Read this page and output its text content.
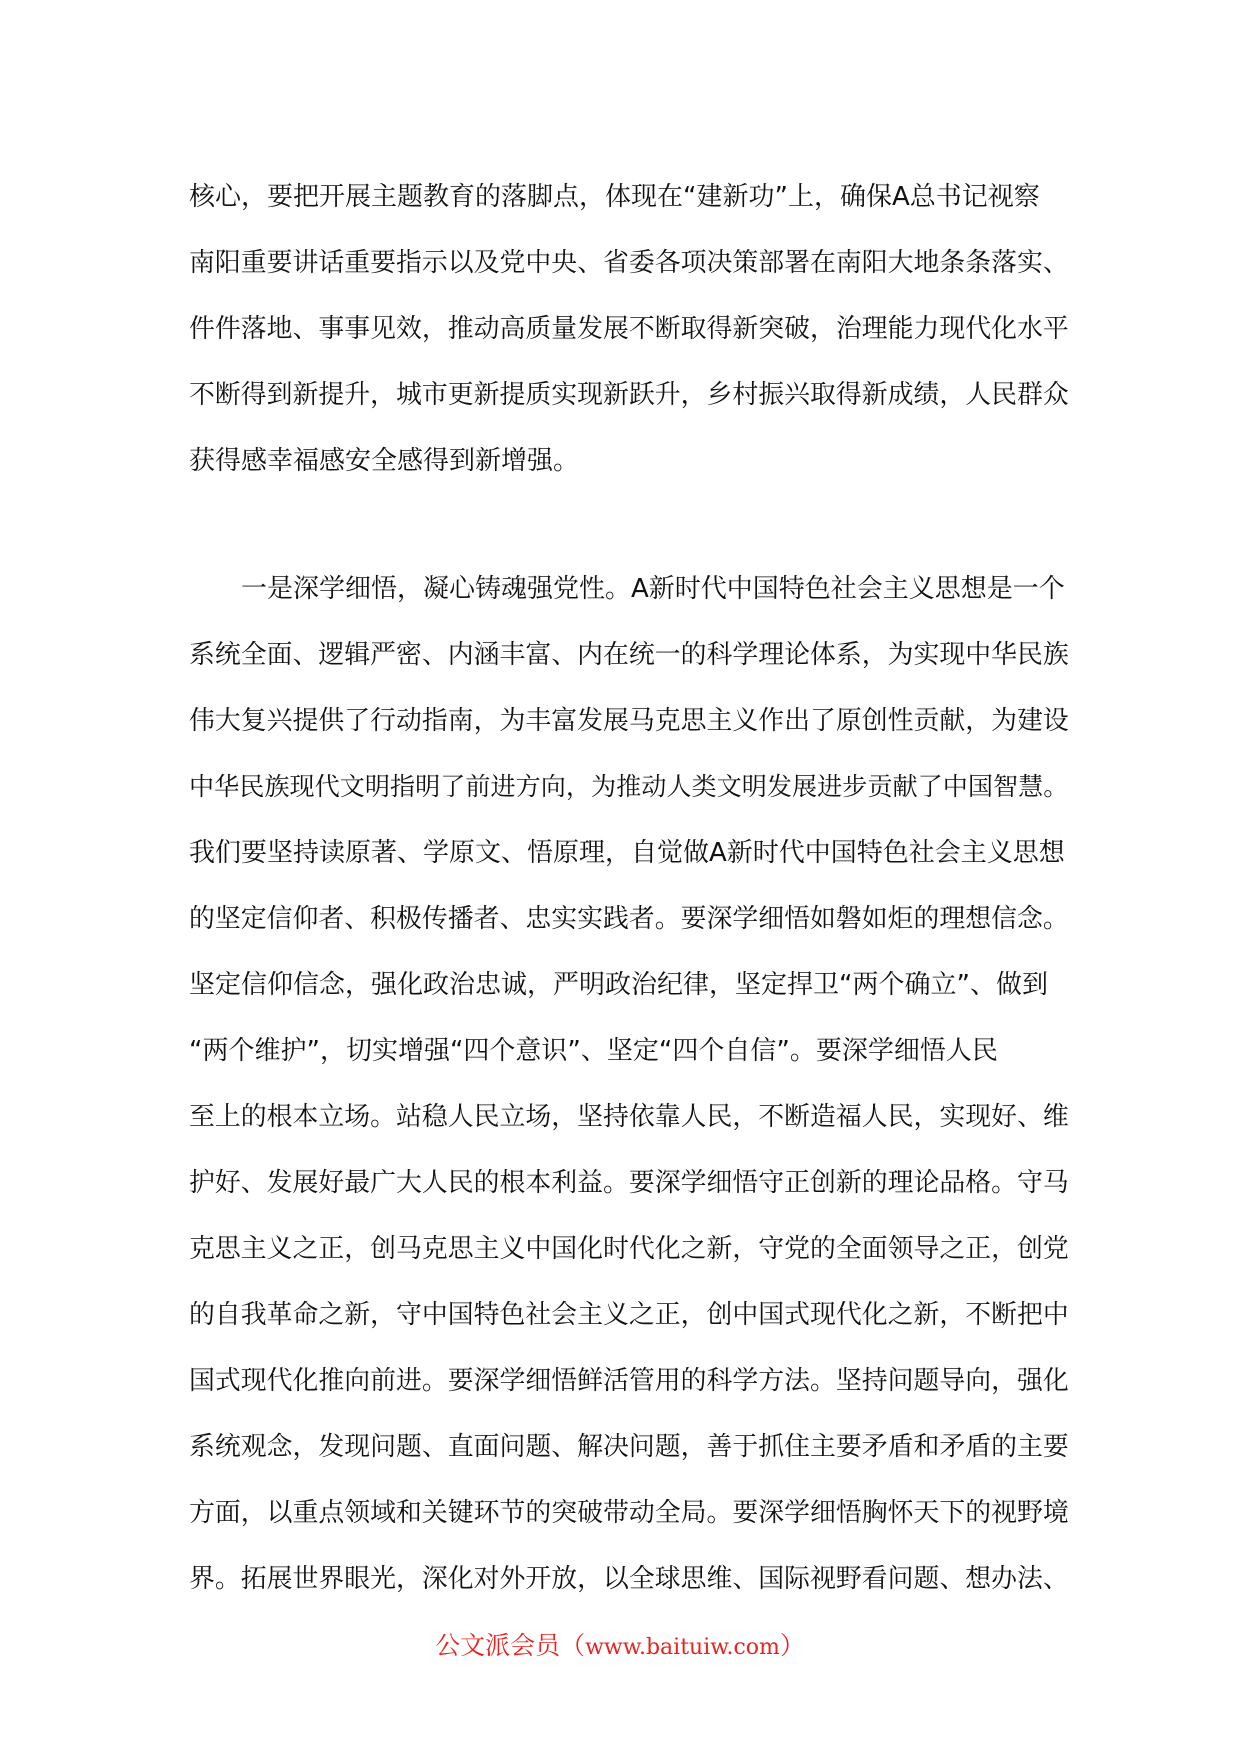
核心，要把开展主题教育的落脚点，体现在“建新功”上，确保A总书记视察
南阳重要讲话重要指示以及党中央、省委各项决策部署在南阳大地条条落实、
件件落地、事事见效，推动高质量发展不断取得新突破，治理能力现代化水平
不断得到新提升，城市更新提质实现新跃升，乡村振兴取得新成绩，人民群众
获得感幸福感安全感得到新增强。
一是深学细悟，凝心铸魂强党性。A新时代中国特色社会主义思想是一个
系统全面、逻辑严密、内涵丰富、内在统一的科学理论体系，为实现中华民族
伟大复兴提供了行动指南，为丰富发展马克思主义作出了原创性贡献，为建设
中华民族现代文明指明了前进方向，为推动人类文明发展进步贡献了中国智慧。
我们要坚持读原著、学原文、悟原理，自觉做A新时代中国特色社会主义思想
的坚定信仰者、积极传播者、忠实实践者。要深学细悟如磐如炬的理想信念。
坚定信仰信念，强化政治忠诚，严明政治纪律，坚定捍卫“两个确立”、做到
“两个维护”，切实增强“四个意识”、坚定“四个自信”。要深学细悟人民
至上的根本立场。站稳人民立场，坚持依靠人民，不断造福人民，实现好、维
护好、发展好最广大人民的根本利益。要深学细悟守正创新的理论品格。守马
克思主义之正，创马克思主义中国化时代化之新，守党的全面领导之正，创党
的自我革命之新，守中国特色社会主义之正，创中国式现代化之新，不断把中
国式现代化推向前进。要深学细悟鲜活管用的科学方法。坚持问题导向，强化
系统观念，发现问题、直面问题、解决问题，善于抓住主要矛盾和矛盾的主要
方面，以重点领域和关键环节的突破带动全局。要深学细悟胸怀天下的视野境
界。拓展世界眼光，深化对外开放，以全球思维、国际视野看问题、想办法、
公文派会员（www.baituiw.com）
